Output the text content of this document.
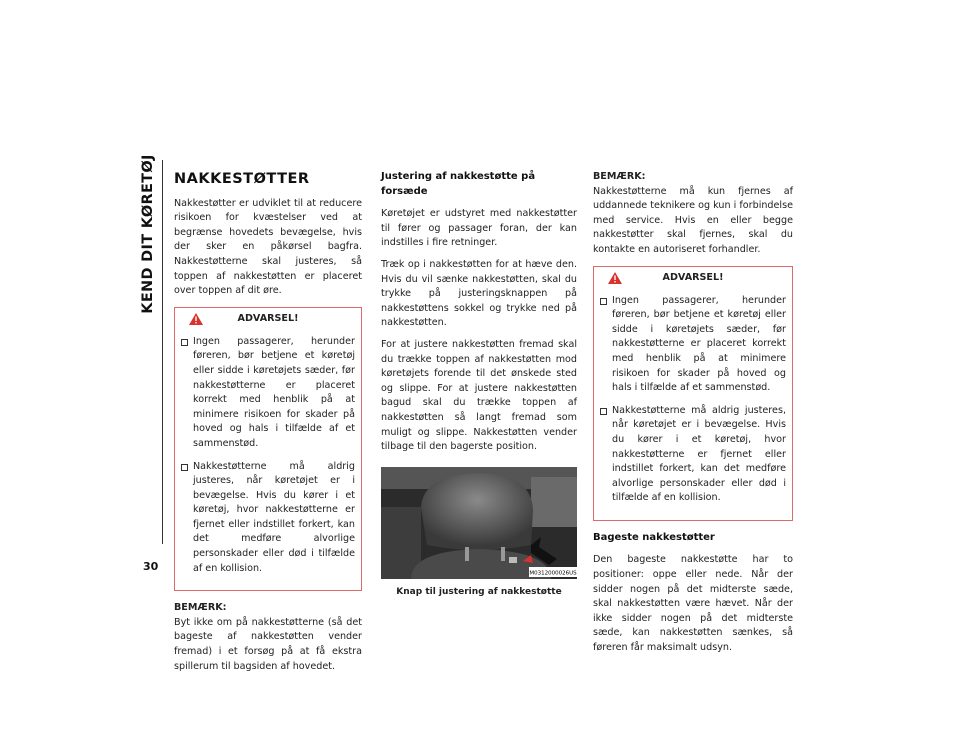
KEND DIT KØRETØJ
30
NAKKESTØTTER

Nakkestøtter er udviklet til at reducere risikoen for kvæstelser ved at begrænse hovedets bevægelse, hvis der sker en påkørsel bagfra. Nakkestøtterne skal justeres, så toppen af nakkestøtten er placeret over toppen af dit øre.

ADVARSEL!
Ingen passagerer, herunder føreren, bør betjene et køretøj eller sidde i køretøjets sæder, før nakkestøtterne er placeret korrekt med henblik på at minimere risikoen for skader på hoved og hals i tilfælde af et sammenstød.
Nakkestøtterne må aldrig justeres, når køretøjet er i bevægelse. Hvis du kører i et køretøj, hvor nakkestøtterne er fjernet eller indstillet forkert, kan det medføre alvorlige personskader eller død i tilfælde af en kollision.
BEMÆRK:

Byt ikke om på nakkestøtterne (så det bageste af nakkestøtten vender fremad) i et forsøg på at få ekstra spillerum til bagsiden af hovedet.

Justering af nakkestøtte på forsæde

Køretøjet er udstyret med nakkestøtter til fører og passager foran, der kan indstilles i fire retninger.

Træk op i nakkestøtten for at hæve den. Hvis du vil sænke nakkestøtten, skal du trykke på justeringsknappen på nakkestøttens sokkel og trykke ned på nakkestøtten.

For at justere nakkestøtten fremad skal du trække toppen af nakkestøtten mod køretøjets forende til det ønskede sted og slippe. For at justere nakkestøtten bagud skal du trække toppen af nakkestøtten så langt fremad som muligt og slippe. Nakkestøtten vender tilbage til den bagerste position.

M0312000026US
Knap til justering af nakkestøtte
BEMÆRK:

Nakkestøtterne må kun fjernes af uddannede teknikere og kun i forbindelse med service. Hvis en eller begge nakkestøtter skal fjernes, skal du kontakte en autoriseret forhandler.

ADVARSEL!
Ingen passagerer, herunder føreren, bør betjene et køretøj eller sidde i køretøjets sæder, før nakkestøtterne er placeret korrekt med henblik på at minimere risikoen for skader på hoved og hals i tilfælde af et sammenstød.
Nakkestøtterne må aldrig justeres, når køretøjet er i bevægelse. Hvis du kører i et køretøj, hvor nakkestøtterne er fjernet eller indstillet forkert, kan det medføre alvorlige personskader eller død i tilfælde af en kollision.
Bageste nakkestøtter

Den bageste nakkestøtte har to positioner: oppe eller nede. Når der sidder nogen på det midterste sæde, skal nakkestøtten være hævet. Når der ikke sidder nogen på det midterste sæde, kan nakkestøtten sænkes, så føreren får maksimalt udsyn.
